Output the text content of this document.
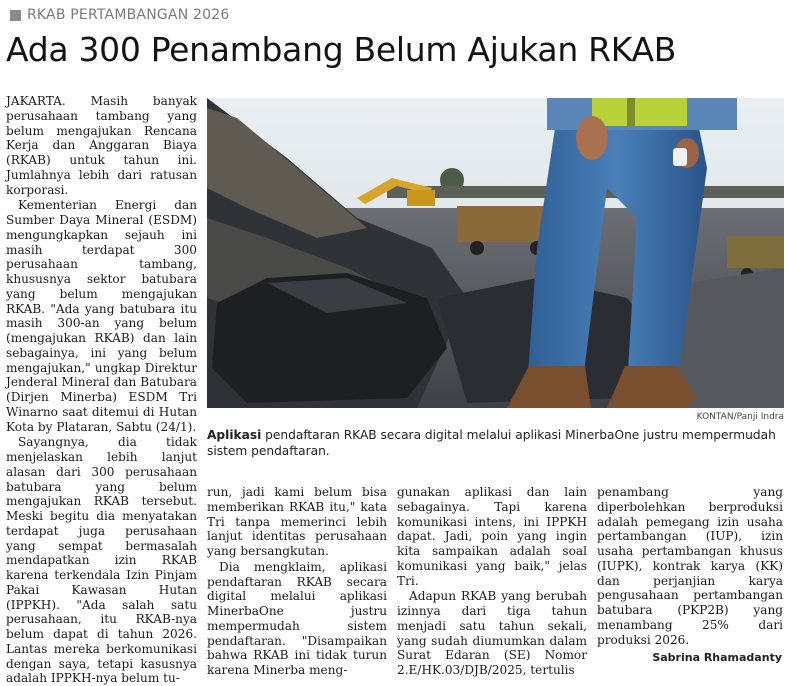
RKAB PERTAMBANGAN 2026
Ada 300 Penambang Belum Ajukan RKAB

JAKARTA. Masih banyak perusahaan tambang yang belum mengajukan Rencana Kerja dan Anggaran Biaya (RKAB) untuk tahun ini. Jumlahnya lebih dari ratusan korporasi.

Kementerian Energi dan Sumber Daya Mineral (ESDM) mengungkapkan sejauh ini masih terdapat 300 perusahaan tambang, khususnya sektor batubara yang belum mengajukan RKAB. "Ada yang batubara itu masih 300-an yang belum (mengajukan RKAB) dan lain sebagainya, ini yang belum mengajukan," ungkap Direktur Jenderal Mineral dan Batubara (Dirjen Minerba) ESDM Tri Winarno saat ditemui di Hutan Kota by Plataran, Sabtu (24/1).

Sayangnya, dia tidak menjelaskan lebih lanjut alasan dari 300 perusahaan batubara yang belum mengajukan RKAB tersebut. Meski begitu dia menyatakan terdapat juga perusahaan yang sempat bermasalah mendapatkan izin RKAB karena terkendala Izin Pinjam Pakai Kawasan Hutan (IPPKH). "Ada salah satu perusahaan, itu RKAB-nya belum dapat di tahun 2026. Lantas mereka berkomunikasi dengan saya, tetapi kasusnya adalah IPPKH-nya belum tu-

KONTAN/Panji Indra
Aplikasi pendaftaran RKAB secara digital melalui aplikasi MinerbaOne justru mempermudah sistem pendaftaran.

run, jadi kami belum bisa memberikan RKAB itu," kata Tri tanpa memerinci lebih lanjut identitas perusahaan yang bersangkutan.

Dia mengklaim, aplikasi pendaftaran RKAB secara digital melalui aplikasi MinerbaOne justru mempermudah sistem pendaftaran. "Disampaikan bahwa RKAB ini tidak turun karena Minerba meng-

gunakan aplikasi dan lain sebagainya. Tapi karena komunikasi intens, ini IPPKH dapat. Jadi, poin yang ingin kita sampaikan adalah soal komunikasi yang baik," jelas Tri.

Adapun RKAB yang berubah izinnya dari tiga tahun menjadi satu tahun sekali, yang sudah diumumkan dalam Surat Edaran (SE) Nomor 2.E/HK.03/DJB/2025, tertulis

penambang yang diperbolehkan berproduksi adalah pemegang izin usaha pertambangan (IUP), izin usaha pertambangan khusus (IUPK), kontrak karya (KK) dan perjanjian karya pengusahaan pertambangan batubara (PKP2B) yang menambang 25% dari produksi 2026.

Sabrina Rhamadanty
